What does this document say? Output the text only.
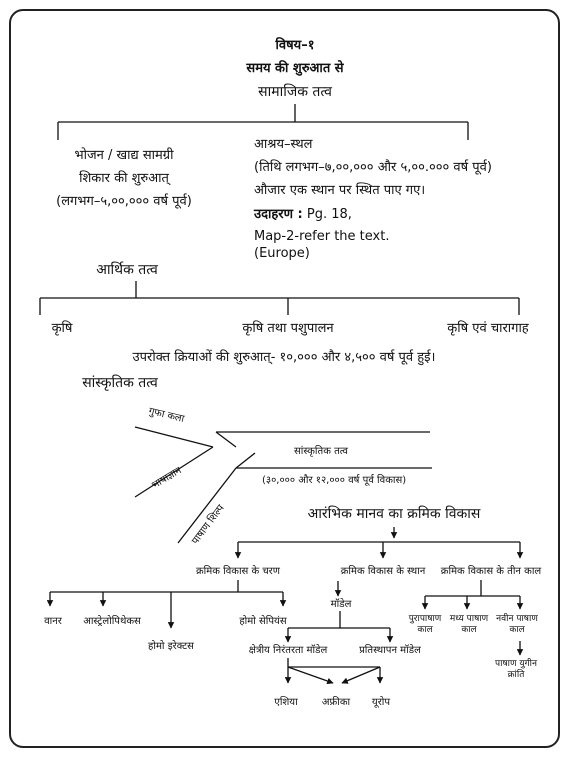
विषय–१
समय की शुरुआत से
सामाजिक तत्व
भोजन / खाद्य सामग्री
शिकार की शुरुआत्
(लगभग–५,००,००० वर्ष पूर्व)
आश्रय–स्थल
(तिथि लगभग–७,००,००० और ५,००.००० वर्ष पूर्व)
औजार एक स्थान पर स्थित पाए गए।
उदाहरण : Pg. 18,
Map-2-refer the text.
(Europe)
आर्थिक तत्व
कृषि	कृषि तथा पशुपालन	कृषि एवं चारागाह
उपरोक्त क्रियाओं की शुरुआत्- १०,००० और ४,५०० वर्ष पूर्व हुई।
सांस्कृतिक तत्व
गुफा कला
भाषाज्ञान
पाषाण शिल्प
सांस्कृतिक तत्व
(३०,००० और १२,००० वर्ष पूर्व विकास)
आरंभिक मानव का क्रमिक विकास
क्रमिक विकास के चरण	क्रमिक विकास के स्थान क्रमिक विकास के तीन काल
वानर आस्ट्रेलोपिथेकस
होमो इरेक्टस
होमो सेपियंस
मॉडेल
क्षेत्रीय निरंतरता मॉडेल	प्रतिस्थापन मॉडेल
एशिया अफ्रीका यूरोप
पुरापाषाण
काल
मध्य पाषाण
काल
नवीन पाषाण
काल
पाषाण युगीन
क्रांति
